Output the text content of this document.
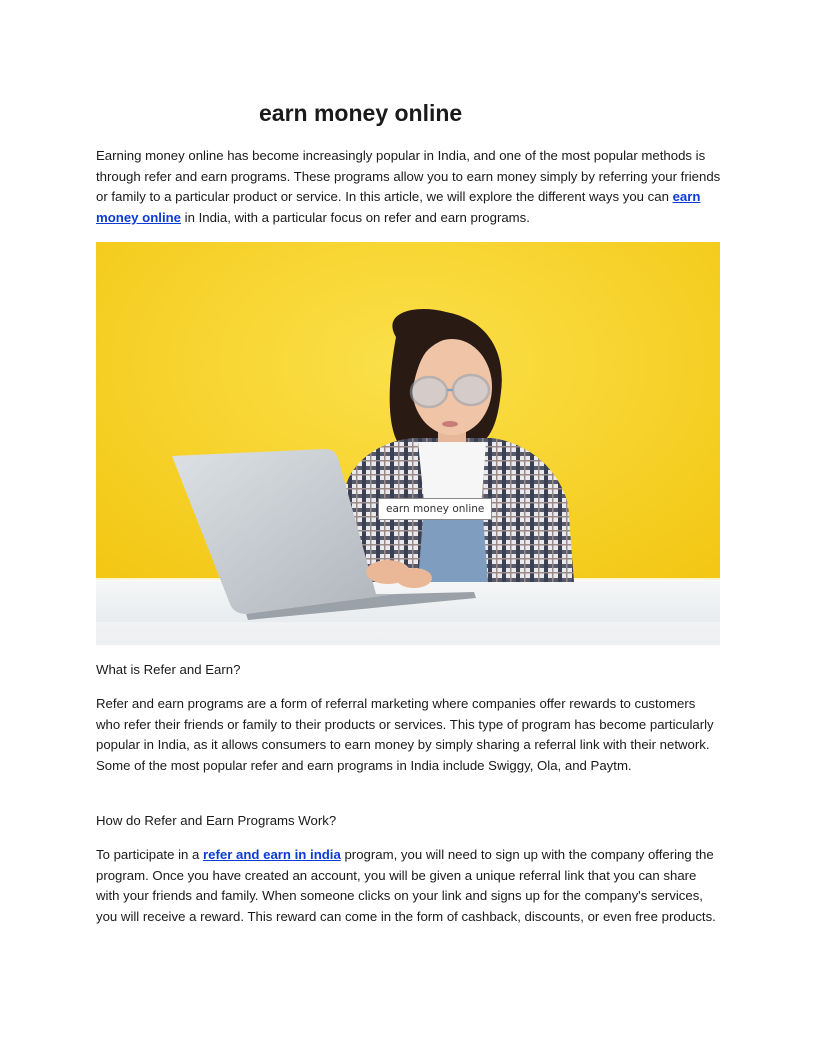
earn money online

Earning money online has become increasingly popular in India, and one of the most popular methods is through refer and earn programs. These programs allow you to earn money simply by referring your friends or family to a particular product or service. In this article, we will explore the different ways you can earn money online in India, with a particular focus on refer and earn programs.

earn money online

What is Refer and Earn?

Refer and earn programs are a form of referral marketing where companies offer rewards to customers who refer their friends or family to their products or services. This type of program has become particularly popular in India, as it allows consumers to earn money by simply sharing a referral link with their network. Some of the most popular refer and earn programs in India include Swiggy, Ola, and Paytm.

How do Refer and Earn Programs Work?

To participate in a refer and earn in india program, you will need to sign up with the company offering the program. Once you have created an account, you will be given a unique referral link that you can share with your friends and family. When someone clicks on your link and signs up for the company's services, you will receive a reward. This reward can come in the form of cashback, discounts, or even free products.
